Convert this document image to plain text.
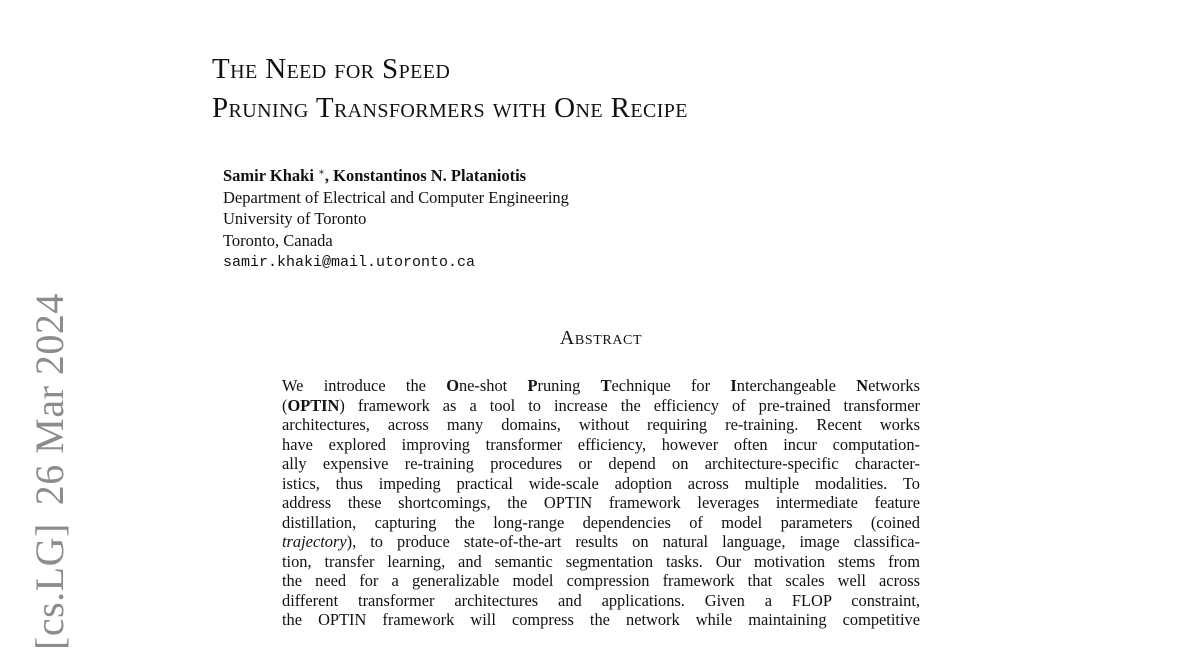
[cs.LG]26 Mar 2024
The Need for Speed
Pruning Transformers with One Recipe
Samir Khaki ∗, Konstantinos N. Plataniotis
Department of Electrical and Computer Engineering
University of Toronto
Toronto, Canada
samir.khaki@mail.utoronto.ca
Abstract
We introduce the One-shot Pruning Technique for Interchangeable Networks
(OPTIN) framework as a tool to increase the efficiency of pre-trained transformer
architectures, across many domains, without requiring re-training. Recent works
have explored improving transformer efficiency, however often incur computation-
ally expensive re-training procedures or depend on architecture-specific character-
istics, thus impeding practical wide-scale adoption across multiple modalities. To
address these shortcomings, the OPTIN framework leverages intermediate feature
distillation, capturing the long-range dependencies of model parameters (coined
trajectory), to produce state-of-the-art results on natural language, image classifica-
tion, transfer learning, and semantic segmentation tasks. Our motivation stems from
the need for a generalizable model compression framework that scales well across
different transformer architectures and applications. Given a FLOP constraint,
the OPTIN framework will compress the network while maintaining competitive
